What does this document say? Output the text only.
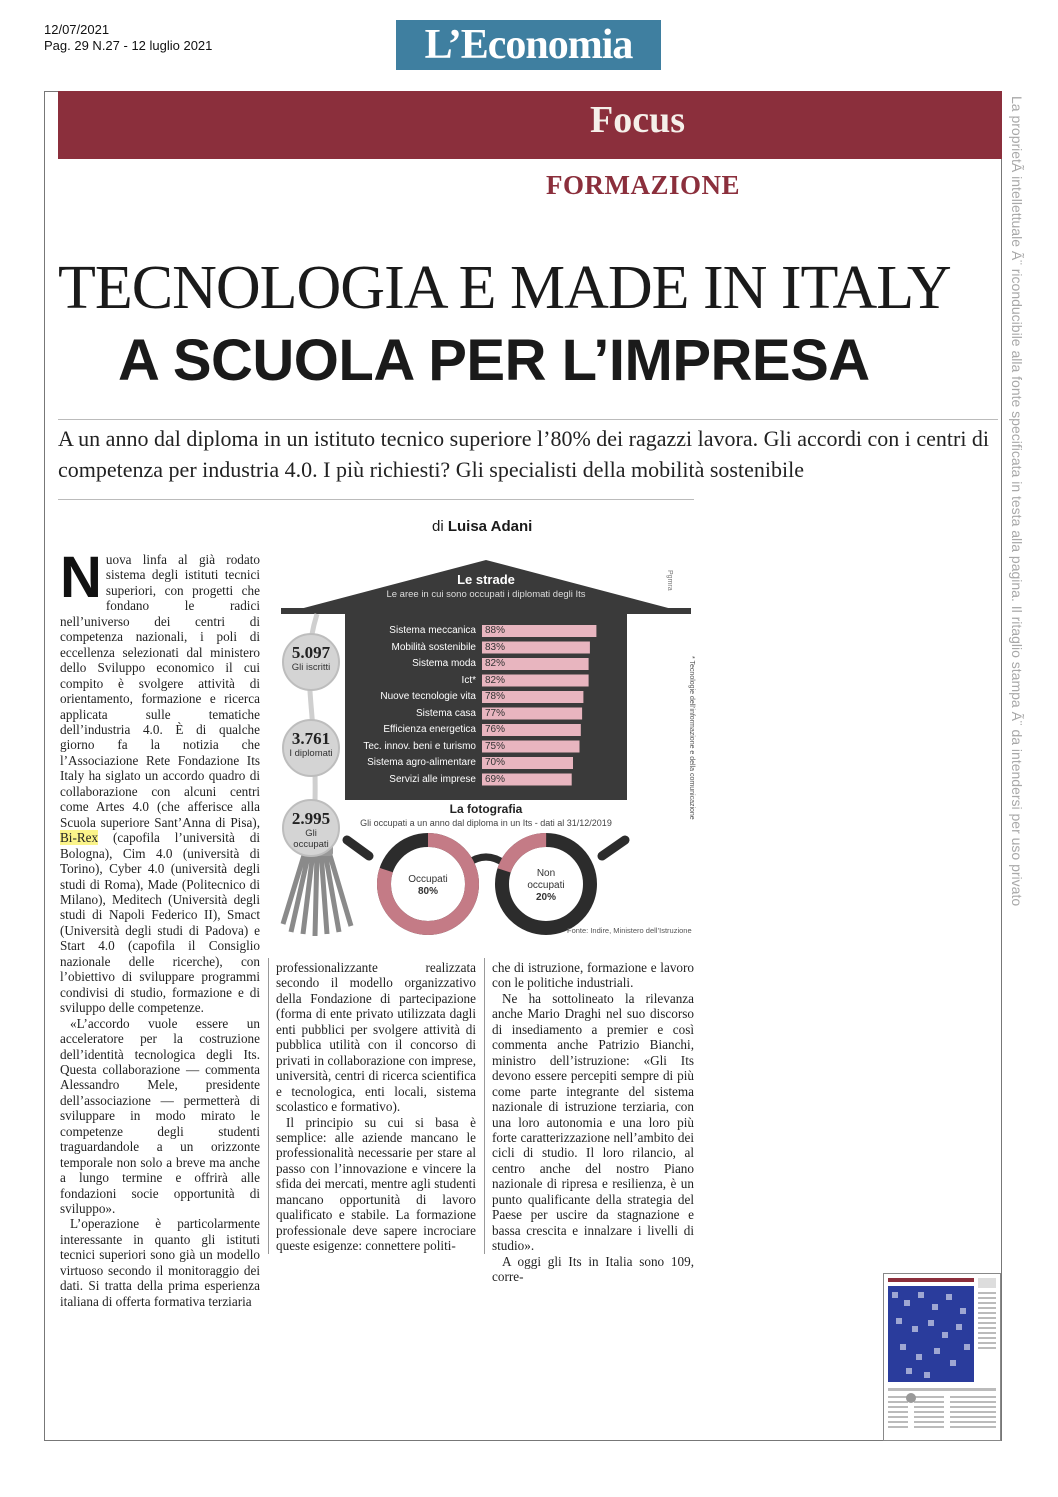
12/07/2021
Pag. 29 N.27 - 12 luglio 2021	L’Economia
Focus
FORMAZIONE	La proprietÃ intellettuale Ã¨ riconducibile alla fonte specificata in testa alla pagina. Il ritaglio stampa Ã¨ da intendersi per uso privato
TECNOLOGIA E MADE IN ITALY
A SCUOLA PER L’IMPRESA
A un anno dal diploma in un istituto tecnico superiore l’80% dei ragazzi lavora. Gli accordi con i centri di competenza per industria 4.0. I più richiesti? Gli specialisti della mobilità sostenibile
di Luisa Adani

Nuova linfa al già rodato sistema degli istituti tecnici superiori, con progetti che fondano le radici nell’universo dei centri di competenza nazionali, i poli di eccellenza selezionati dal ministero dello Sviluppo economico il cui compito è svolgere attività di orientamento, formazione e ricerca applicata sulle tematiche dell’industria 4.0. È di qualche giorno fa la notizia che l’Associazione Rete Fondazione Its Italy ha siglato un accordo quadro di collaborazione con alcuni centri come Artes 4.0 (che afferisce alla Scuola superiore Sant’Anna di Pisa), Bi-Rex (capofila l’università di Bologna), Cim 4.0 (università di Torino), Cyber 4.0 (università degli studi di Roma), Made (Politecnico di Milano), Meditech (Università degli studi di Napoli Federico II), Smact (Università degli studi di Padova) e Start 4.0 (capofila il Consiglio nazionale delle ricerche), con l’obiettivo di sviluppare programmi condivisi di studio, formazione e di sviluppo delle competenze.

«L’accordo vuole essere un acceleratore per la costruzione dell’identità tecnologica degli Its. Questa collaborazione — commenta Alessandro Mele, presidente dell’associazione — permetterà di sviluppare in modo mirato le competenze degli studenti traguardandole a un orizzonte temporale non solo a breve ma anche a lungo termine e offrirà alle fondazioni socie opportunità di sviluppo».

L’operazione è particolarmente interessante in quanto gli istituti tecnici superiori sono già un modello virtuoso secondo il monitoraggio dei dati. Si tratta della prima esperienza italiana di offerta formativa terziaria

professionalizzante realizzata secondo il modello organizzativo della Fondazione di partecipazione (forma di ente privato utilizzata dagli enti pubblici per svolgere attività di pubblica utilità con il concorso di privati in collaborazione con imprese, università, centri di ricerca scientifica e tecnologica, enti locali, sistema scolastico e formativo).

Il principio su cui si basa è semplice: alle aziende mancano le professionalità necessarie per stare al passo con l’innovazione e vincere la sfida dei mercati, mentre agli studenti mancano opportunità di lavoro qualificato e stabile. La formazione professionale deve sapere incrociare queste esigenze: connettere politi-

che di istruzione, formazione e lavoro con le politiche industriali.

Ne ha sottolineato la rilevanza anche Mario Draghi nel suo discorso di insediamento a premier e così commenta anche Patrizio Bianchi, ministro dell’istruzione: «Gli Its devono essere percepiti sempre di più come parte integrante del sistema nazionale di istruzione terziaria, con una loro autonomia e una loro più forte caratterizzazione nell’ambito dei cicli di studio. Il loro rilancio, al centro anche del nostro Piano nazionale di ripresa e resilienza, è un punto qualificante della strategia del Paese per uscire da stagnazione e bassa crescita e innalzare i livelli di studio».

A oggi gli Its in Italia sono 109, corre-

Le strade
Le aree in cui sono occupati i diplomati degli Its
Pgmra
* Tecnologie dell’informazione e della comunicazione
5.097
Gli iscritti
3.761
I diplomati
2.995
Gli occupati
Sistema meccanica 88%
Mobilità sostenibile 83%
Sistema moda 82%
Ict* 82%
Nuove tecnologie vita 78%
Sistema casa 77%
Efficienza energetica 76%
Tec. innov. beni e turismo 75%
Sistema agro-alimentare 70%
Servizi alle imprese 69%
La fotografia
Gli occupati a un anno dal diploma in un Its - dati al 31/12/2019
Occupati
80%
Non occupati
20%
Fonte: Indire, Ministero dell’Istruzione
